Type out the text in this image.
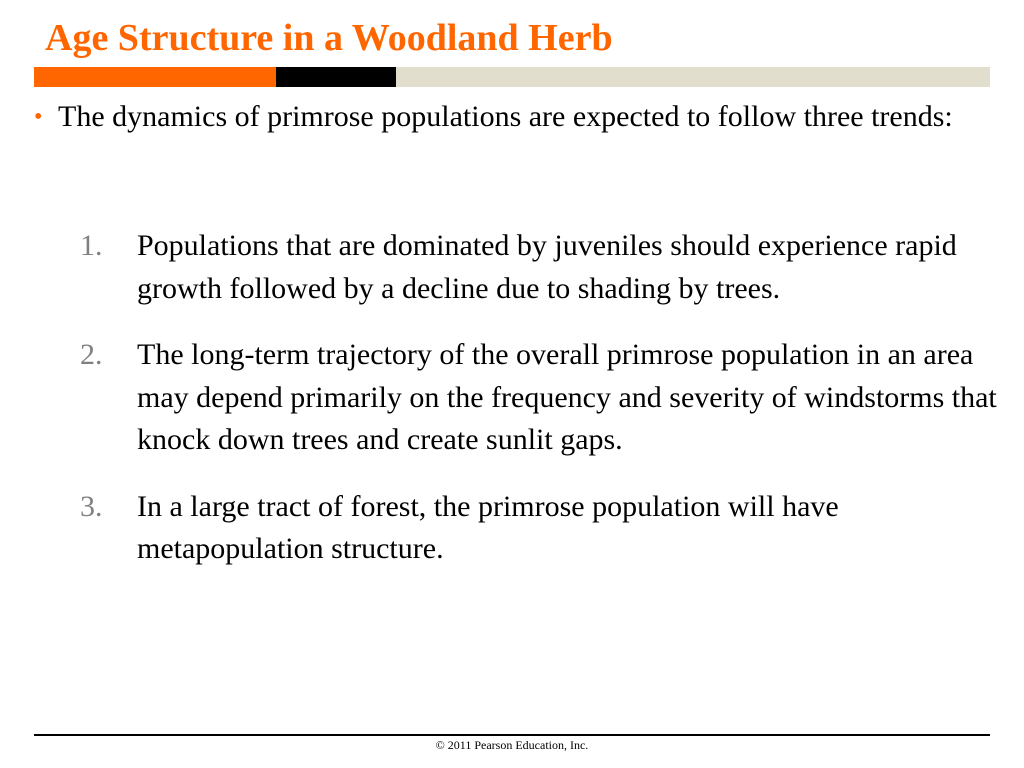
Age Structure in a Woodland Herb
• The dynamics of primrose populations are expected to follow three trends:
1.	Populations that are dominated by juveniles should experience rapid growth followed by a decline due to shading by trees.
2.	The long-term trajectory of the overall primrose population in an area may depend primarily on the frequency and severity of windstorms that knock down trees and create sunlit gaps.
3.	In a large tract of forest, the primrose population will have metapopulation structure.
© 2011 Pearson Education, Inc.
